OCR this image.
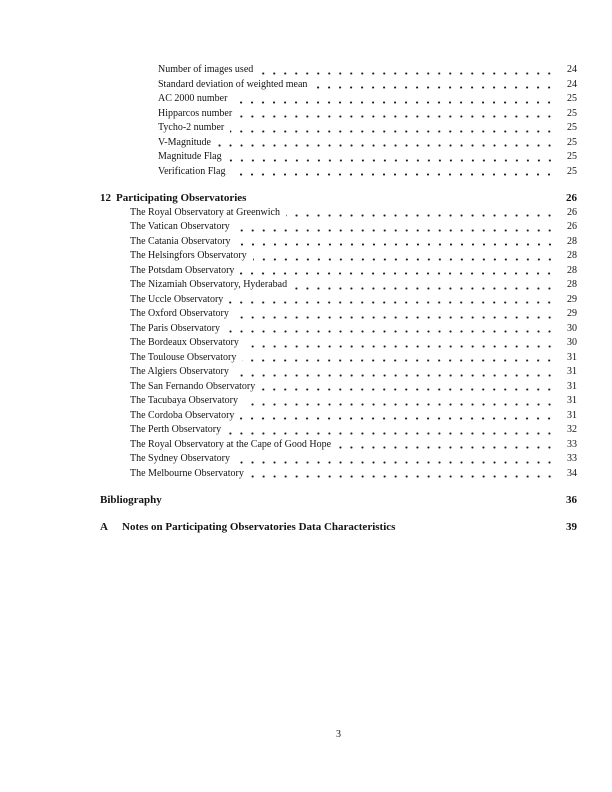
Number of images used	24
Standard deviation of weighted mean	24
AC 2000 number	25
Hipparcos number	25
Tycho-2 number	25
V-Magnitude	25
Magnitude Flag	25
Verification Flag	25
12 Participating Observatories	26
The Royal Observatory at Greenwich	26
The Vatican Observatory	26
The Catania Observatory	28
The Helsingfors Observatory	28
The Potsdam Observatory	28
The Nizamiah Observatory, Hyderabad	28
The Uccle Observatory	29
The Oxford Observatory	29
The Paris Observatory	30
The Bordeaux Observatory	30
The Toulouse Observatory	31
The Algiers Observatory	31
The San Fernando Observatory	31
The Tacubaya Observatory	31
The Cordoba Observatory	31
The Perth Observatory	32
The Royal Observatory at the Cape of Good Hope	33
The Sydney Observatory	33
The Melbourne Observatory	34
Bibliography	36
A	Notes on Participating Observatories Data Characteristics	39
3
